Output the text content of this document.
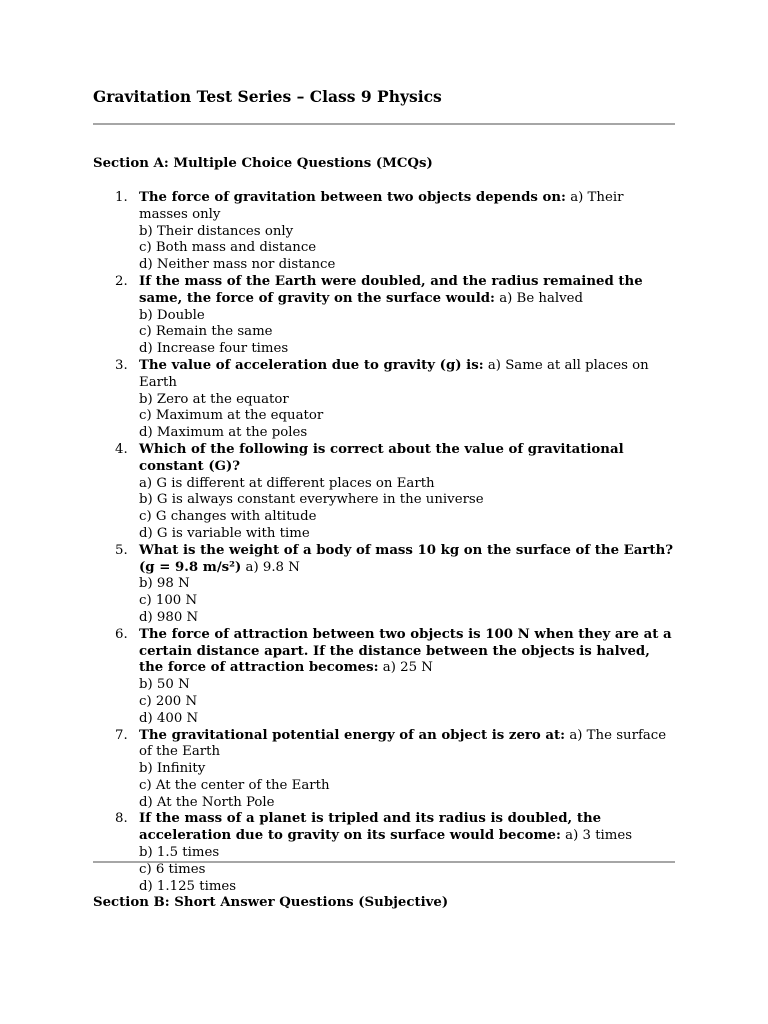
Gravitation Test Series – Class 9 Physics
Section A: Multiple Choice Questions (MCQs)
1. The force of gravitation between two objects depends on: a) Their masses only
b) Their distances only
c) Both mass and distance
d) Neither mass nor distance
2. If the mass of the Earth were doubled, and the radius remained the same, the force of gravity on the surface would: a) Be halved
b) Double
c) Remain the same
d) Increase four times
3. The value of acceleration due to gravity (g) is: a) Same at all places on Earth
b) Zero at the equator
c) Maximum at the equator
d) Maximum at the poles
4. Which of the following is correct about the value of gravitational constant (G)?
a) G is different at different places on Earth
b) G is always constant everywhere in the universe
c) G changes with altitude
d) G is variable with time
5. What is the weight of a body of mass 10 kg on the surface of the Earth? (g = 9.8 m/s²) a) 9.8 N
b) 98 N
c) 100 N
d) 980 N
6. The force of attraction between two objects is 100 N when they are at a certain distance apart. If the distance between the objects is halved, the force of attraction becomes: a) 25 N
b) 50 N
c) 200 N
d) 400 N
7. The gravitational potential energy of an object is zero at: a) The surface of the Earth
b) Infinity
c) At the center of the Earth
d) At the North Pole
8. If the mass of a planet is tripled and its radius is doubled, the acceleration due to gravity on its surface would become: a) 3 times
b) 1.5 times
c) 6 times
d) 1.125 times
Section B: Short Answer Questions (Subjective)
